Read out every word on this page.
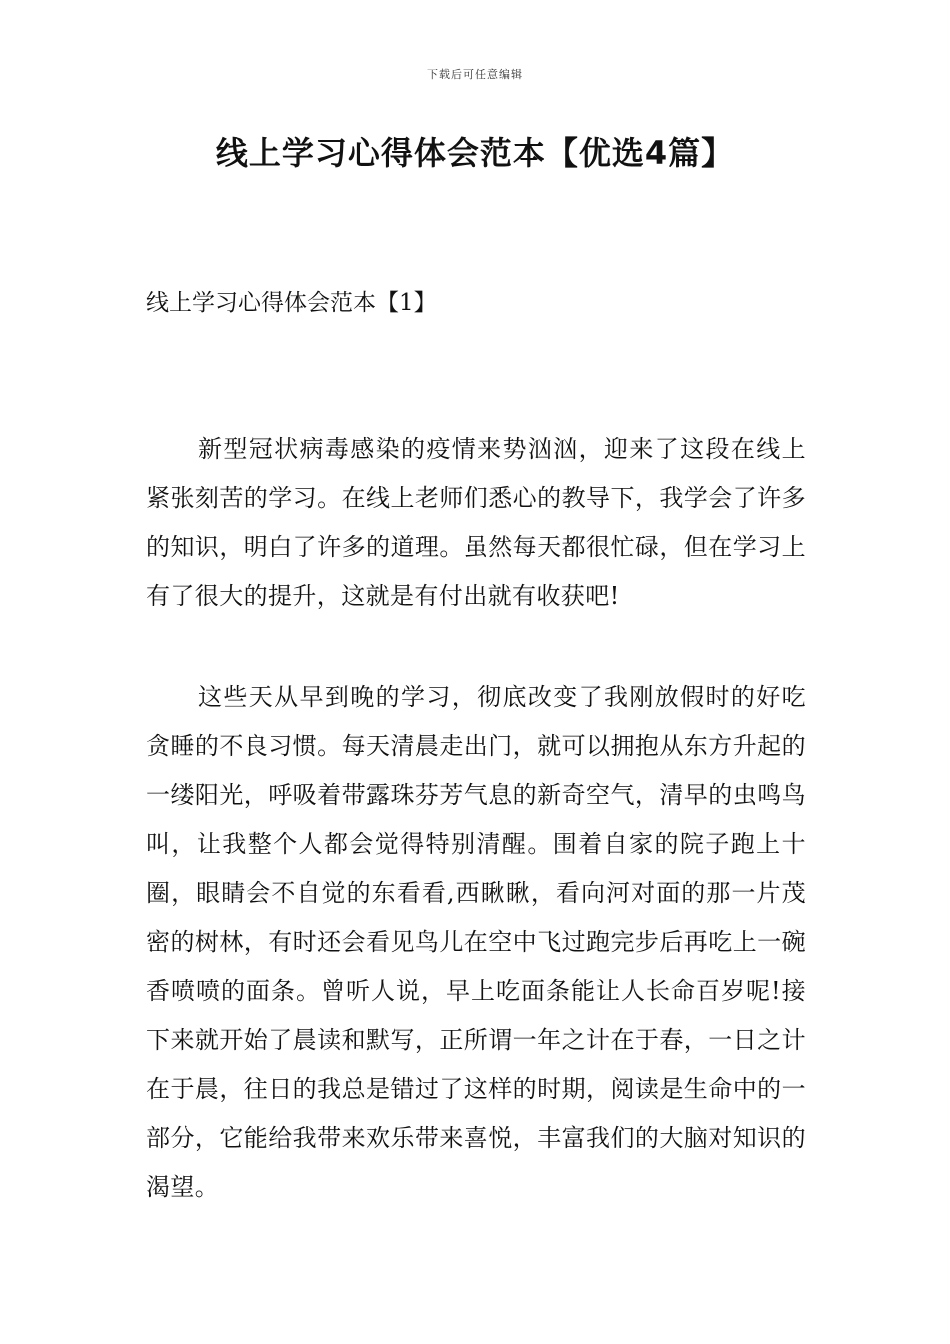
下载后可任意编辑
线上学习心得体会范本【优选4篇】
线上学习心得体会范本【1】

新型冠状病毒感染的疫情来势汹汹，迎来了这段在线上紧张刻苦的学习。在线上老师们悉心的教导下，我学会了许多的知识，明白了许多的道理。虽然每天都很忙碌，但在学习上有了很大的提升，这就是有付出就有收获吧!

这些天从早到晚的学习，彻底改变了我刚放假时的好吃贪睡的不良习惯。每天清晨走出门，就可以拥抱从东方升起的一缕阳光，呼吸着带露珠芬芳气息的新奇空气，清早的虫鸣鸟叫，让我整个人都会觉得特别清醒。围着自家的院子跑上十圈，眼睛会不自觉的东看看,西瞅瞅，看向河对面的那一片茂密的树林，有时还会看见鸟儿在空中飞过跑完步后再吃上一碗香喷喷的面条。曾听人说，早上吃面条能让人长命百岁呢!接下来就开始了晨读和默写，正所谓一年之计在于春，一日之计在于晨，往日的我总是错过了这样的时期，阅读是生命中的一部分，它能给我带来欢乐带来喜悦，丰富我们的大脑对知识的渴望。
